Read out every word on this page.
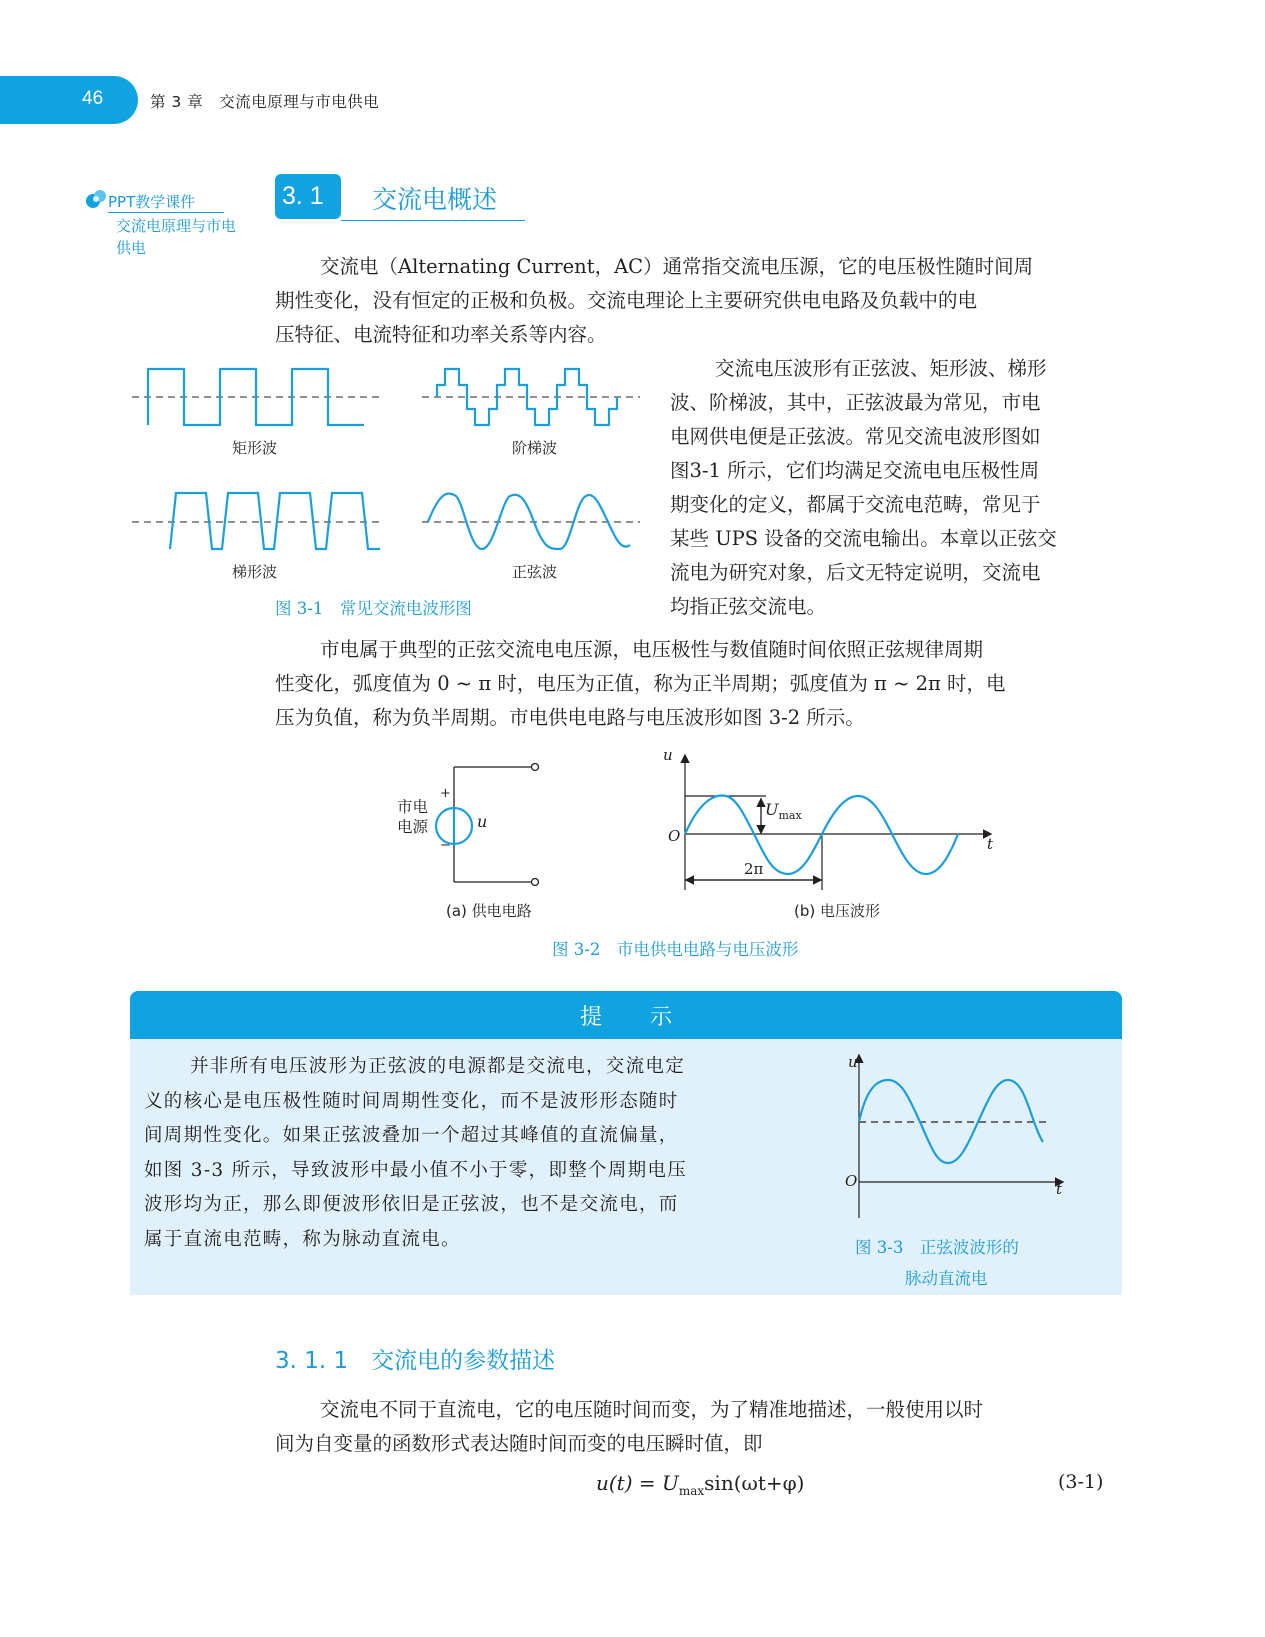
46	第 3 章　交流电原理与市电供电
PPT教学课件
交流电原理与市电
供电
3. 1 交流电概述
交流电（Alternating Current，AC）通常指交流电压源，它的电压极性随时间周
期性变化，没有恒定的正极和负极。交流电理论上主要研究供电电路及负载中的电
压特征、电流特征和功率关系等内容。
矩形波	阶梯波
梯形波	正弦波
图 3-1　常见交流电波形图
交流电压波形有正弦波、矩形波、梯形
波、阶梯波，其中，正弦波最为常见，市电
电网供电便是正弦波。常见交流电波形图如
图3-1 所示，它们均满足交流电电压极性周
期变化的定义，都属于交流电范畴，常见于
某些 UPS 设备的交流电输出。本章以正弦交
流电为研究对象，后文无特定说明，交流电
均指正弦交流电。
市电属于典型的正弦交流电电压源，电压极性与数值随时间依照正弦规律周期
性变化，弧度值为 0 ~ π 时，电压为正值，称为正半周期；弧度值为 π ~ 2π 时，电
压为负值，称为负半周期。市电供电电路与电压波形如图 3-2 所示。
市电
电源
+
−
u
u
t
O
$U_{max}$
2π
(a) 供电电路	(b) 电压波形
图 3-2　市电供电电路与电压波形
提示
并非所有电压波形为正弦波的电源都是交流电，交流电定
义的核心是电压极性随时间周期性变化，而不是波形形态随时
间周期性变化。如果正弦波叠加一个超过其峰值的直流偏量，
如图 3-3 所示，导致波形中最小值不小于零，即整个周期电压
波形均为正，那么即便波形依旧是正弦波，也不是交流电，而
属于直流电范畴，称为脉动直流电。
u
t
O
图 3-3　正弦波波形的
脉动直流电
3. 1. 1　交流电的参数描述
交流电不同于直流电，它的电压随时间而变，为了精准地描述，一般使用以时
间为自变量的函数形式表达随时间而变的电压瞬时值，即
$u(t) = U_{max}\sin(\omega t+\varphi)$	(3-1)
